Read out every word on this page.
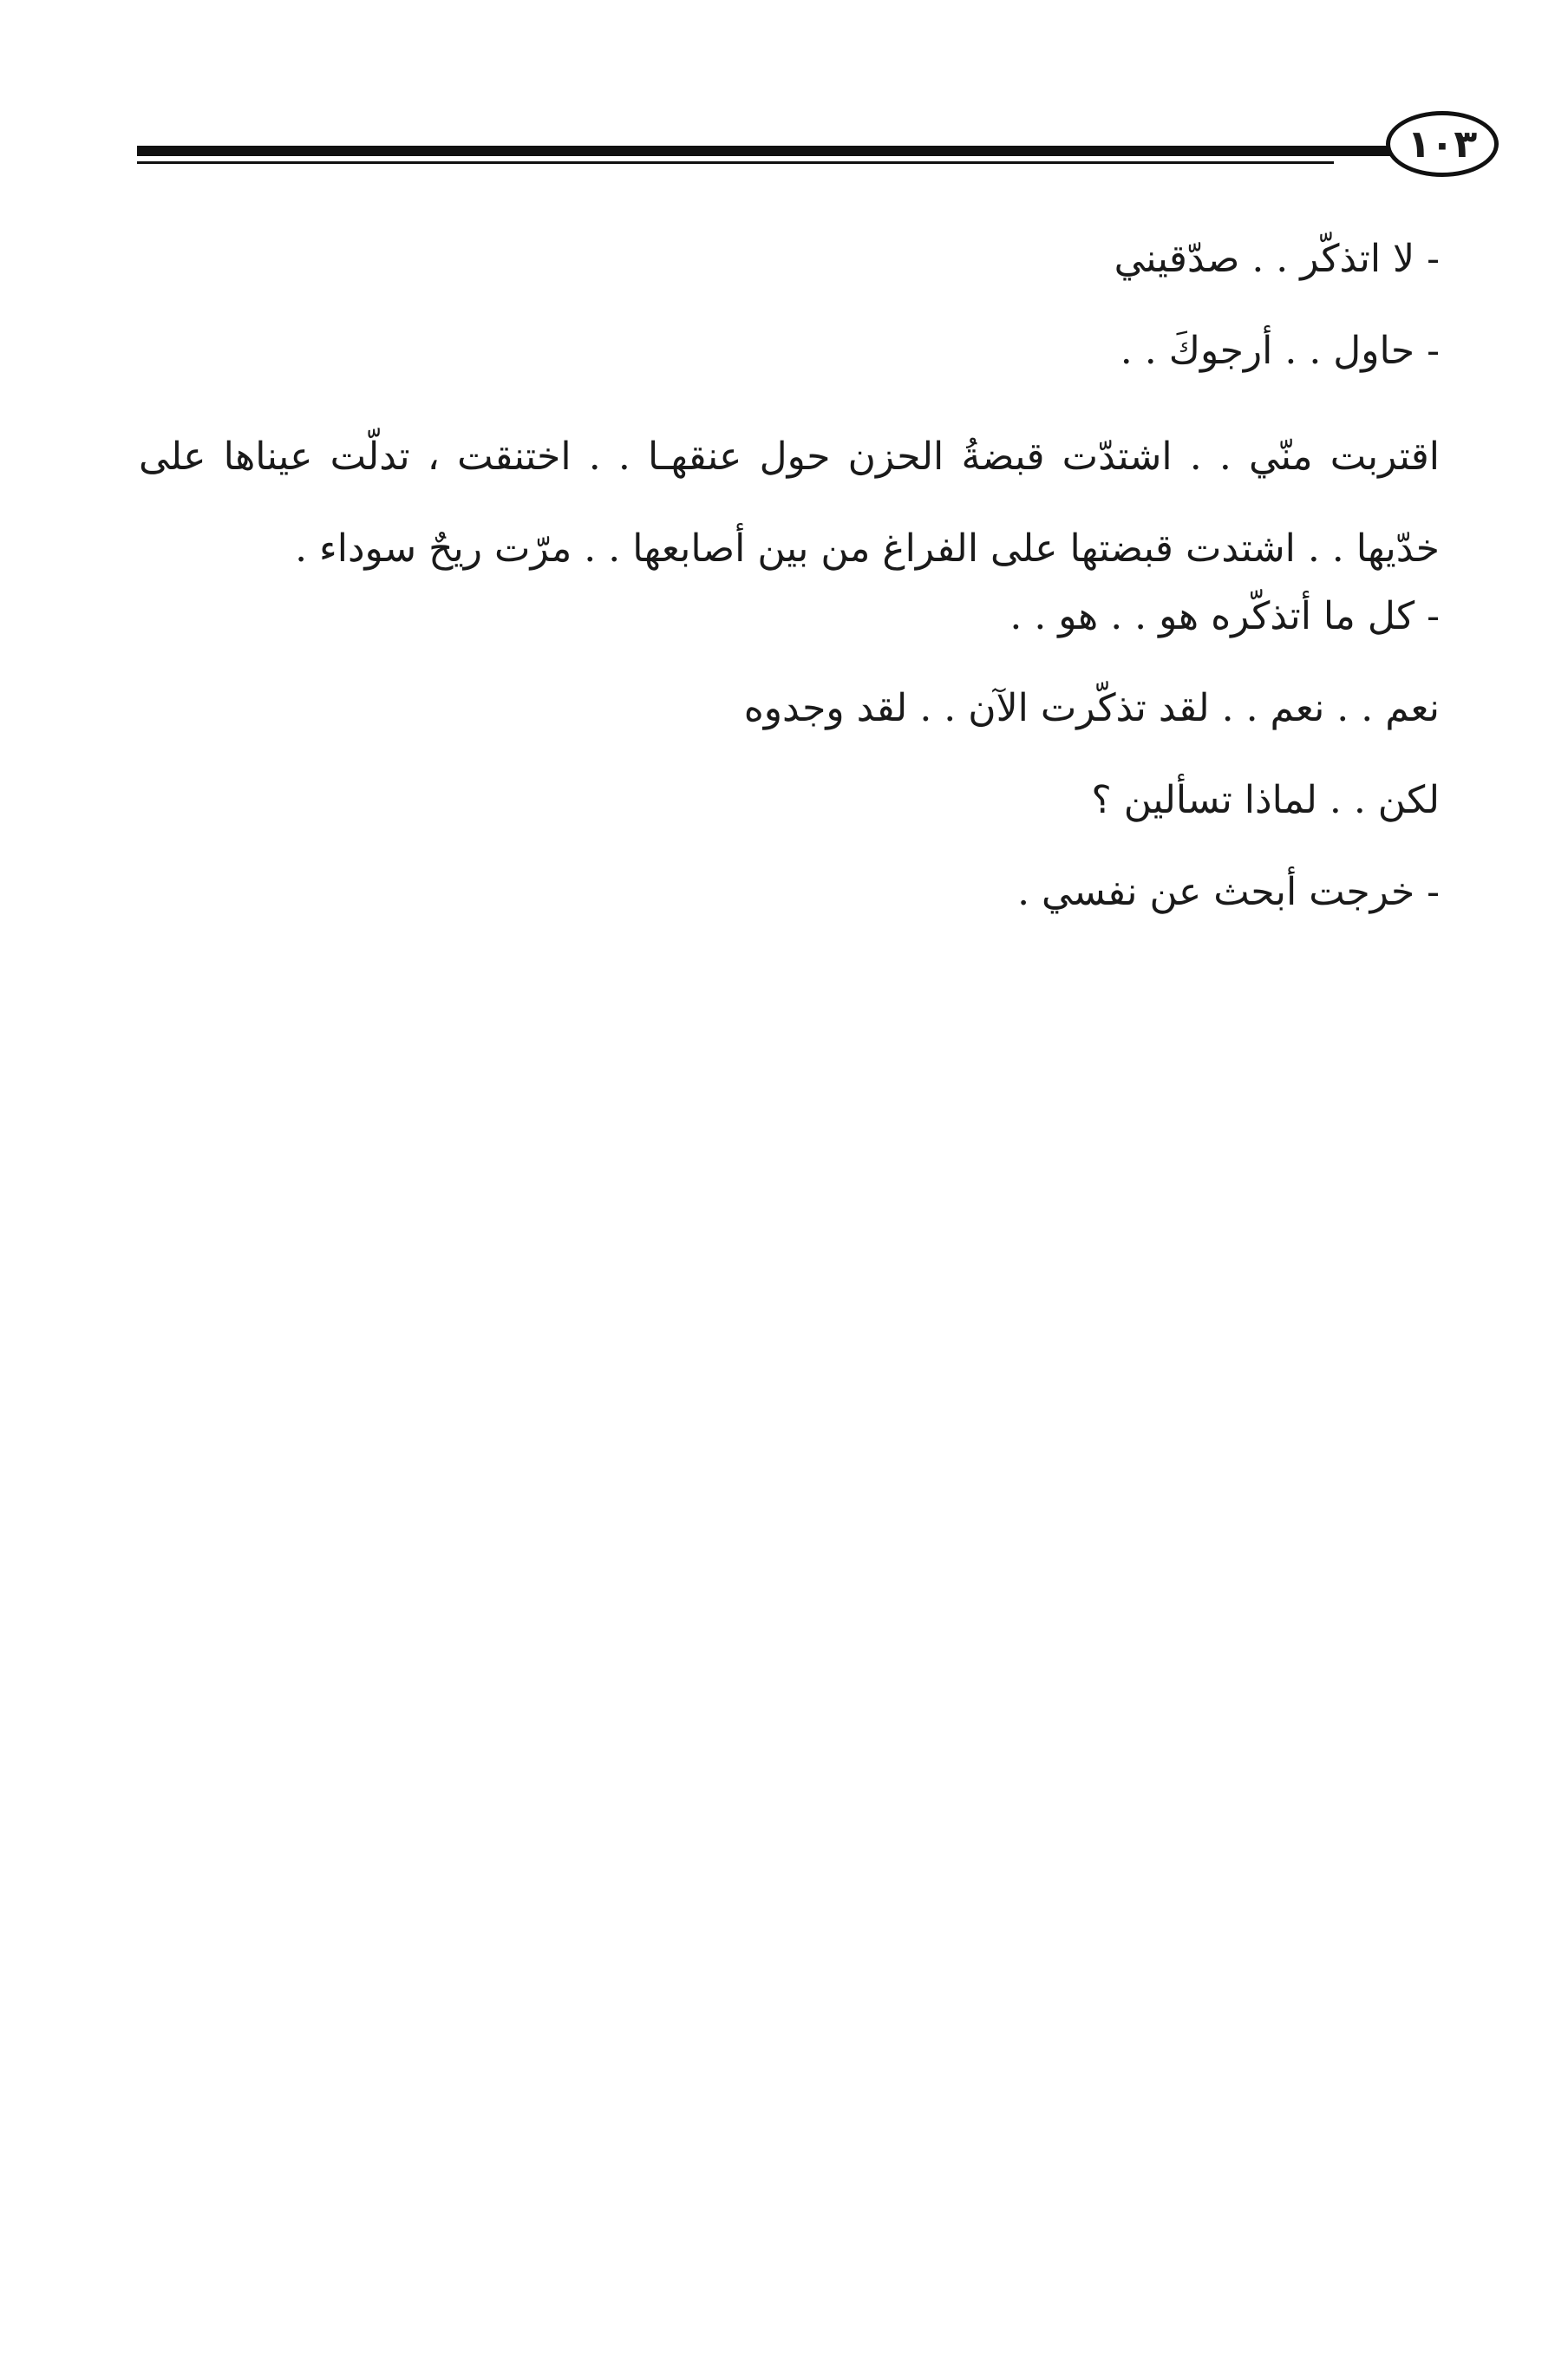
١٠٣

- لا اتذكّر . . صدّقيني

- حاول . . أرجوكَ . .

اقتربت منّي . . اشتدّت قبضةُ الحزن حول عنقهـا . . اختنقت ، تدلّت عيناها على خدّيها . . اشتدت قبضتها على الفراغ من بين أصابعها . . مرّت ريحٌ سوداء .

- كل ما أتذكّره هو . . هو . .

نعم . . نعم . . لقد تذكّرت الآن . . لقد وجدوه

لكن . . لماذا تسألين ؟

- خرجت أبحث عن نفسي .
